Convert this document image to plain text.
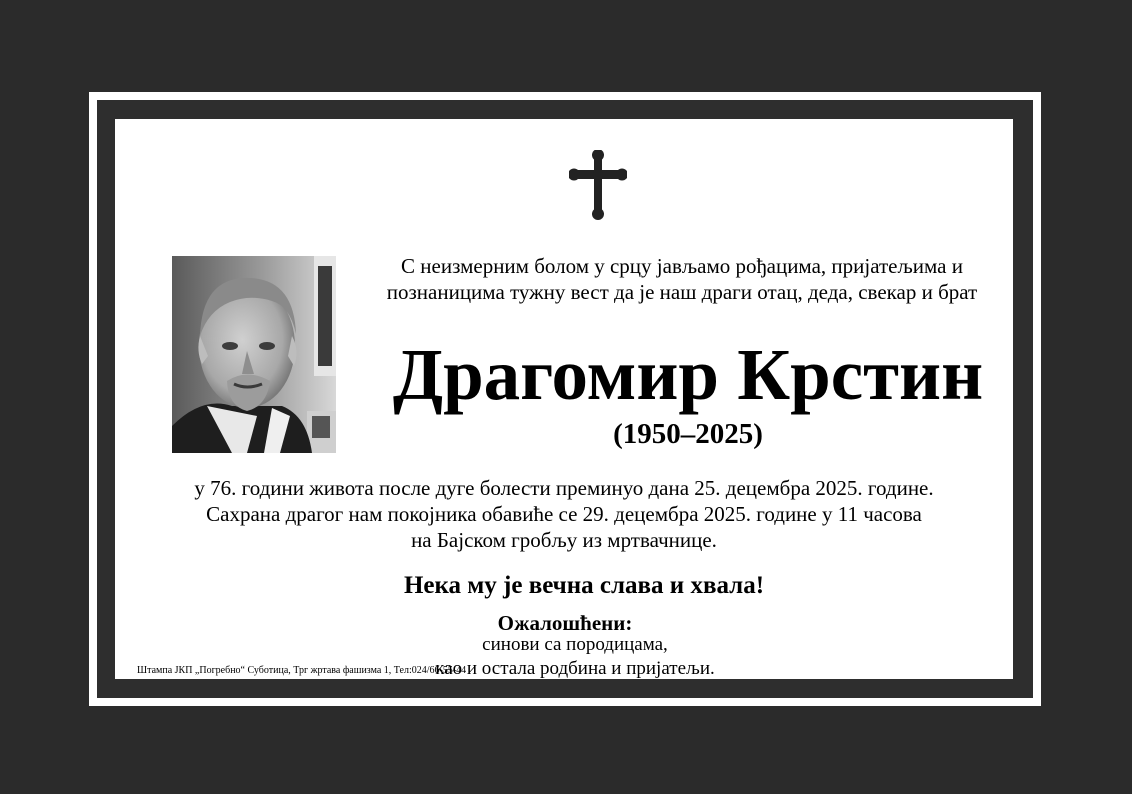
С неизмерним болом у срцу јављамо рођацима, пријатељима и
познаницима тужну вест да је наш драги отац, деда, свекар и брат
Драгомир Крстин
(1950–2025)
у 76. години живота после дуге болести преминуо дана 25. децембра 2025. године.
Сахрана драгог нам покојника обавиће се 29. децембра 2025. године у 11 часова
на Бајском гробљу из мртвачнице.
Нека му је вечна слава и хвала!
Ожалошћени:
синови са породицама,
као и остала родбина и пријатељи.
Штампа ЈКП „Погребно“ Суботица, Трг жртава фашизма 1, Тел:024/66-55-44
